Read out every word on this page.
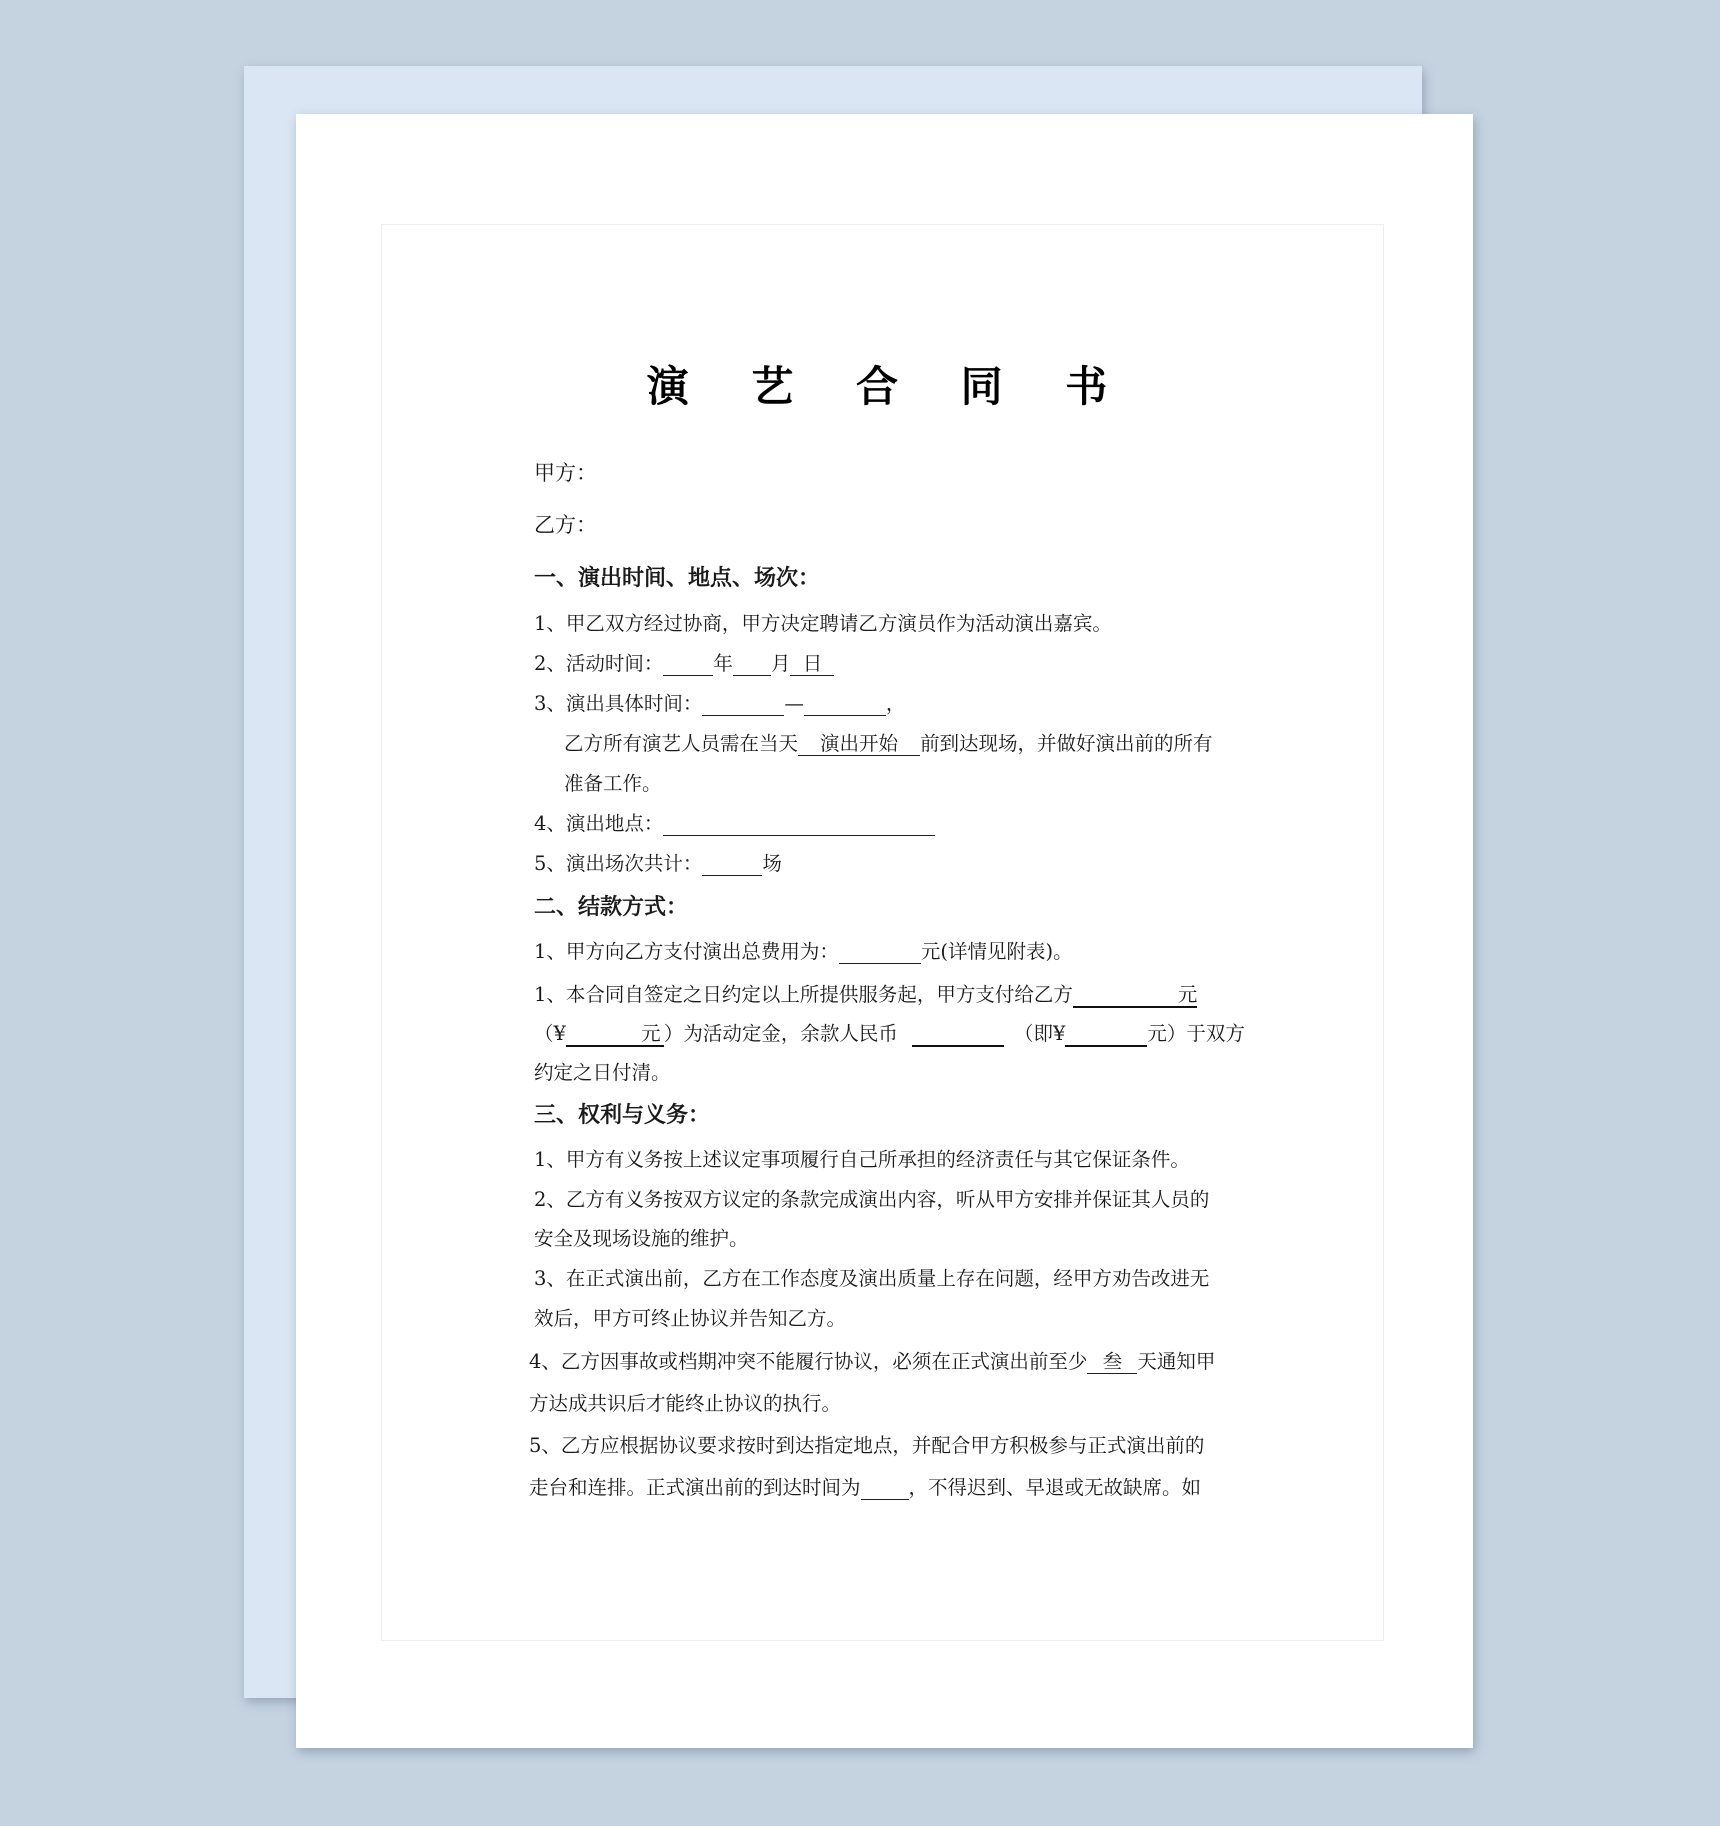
演 艺 合 同 书
甲方：
乙方：
一、演出时间、地点、场次：
1、甲乙双方经过协商，甲方决定聘请乙方演员作为活动演出嘉宾。
2、活动时间：	年 月 日
3、演出具体时间：	—	，
乙方所有演艺人员需在当天 演出开始 前到达现场，并做好演出前的所有
准备工作。
4、演出地点：
5、演出场次共计：	场
二、结款方式：
1、甲方向乙方支付演出总费用为：	元(详情见附表)。
1、本合同自签定之日约定以上所提供服务起，甲方支付给乙方	元
（¥	元 ）为活动定金，余款人民币	（即¥	元）于双方
约定之日付清。
三、权利与义务：
1、甲方有义务按上述议定事项履行自己所承担的经济责任与其它保证条件。
2、乙方有义务按双方议定的条款完成演出内容，听从甲方安排并保证其人员的
安全及现场设施的维护。
3、在正式演出前，乙方在工作态度及演出质量上存在问题，经甲方劝告改进无
效后，甲方可终止协议并告知乙方。
4、乙方因事故或档期冲突不能履行协议，必须在正式演出前至少 叁 天通知甲
方达成共识后才能终止协议的执行。
5、乙方应根据协议要求按时到达指定地点，并配合甲方积极参与正式演出前的
走台和连排。正式演出前的到达时间为 ，不得迟到、早退或无故缺席。如
